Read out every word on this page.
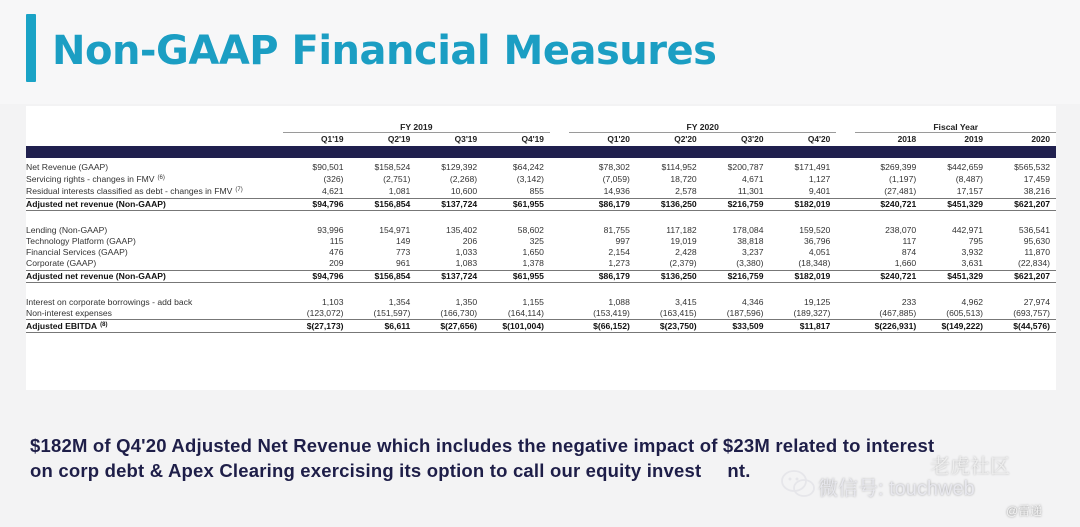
Non-GAAP Financial Measures
	FY 2019					FY 2020					Fiscal Year		
	Q1'19	Q2'19	Q3'19	Q4'19		Q1'20	Q2'20	Q3'20	Q4'20		2018	2019	2020

Net Revenue (GAAP)	$90,501	$158,524	$129,392	$64,242		$78,302	$114,952	$200,787	$171,491		$269,399	$442,659	$565,532
Servicing rights - changes in FMV $^{(6)}$	(326)	(2,751)	(2,268)	(3,142)		(7,059)	18,720	4,671	1,127		(1,197)	(8,487)	17,459
Residual interests classified as debt - changes in FMV $^{(7)}$	4,621	1,081	10,600	855		14,936	2,578	11,301	9,401		(27,481)	17,157	38,216
Adjusted net revenue (Non-GAAP)	$94,796	$156,854	$137,724	$61,955		$86,179	$136,250	$216,759	$182,019		$240,721	$451,329	$621,207

Lending (Non-GAAP)	93,996	154,971	135,402	58,602		81,755	117,182	178,084	159,520		238,070	442,971	536,541
Technology Platform (GAAP)	115	149	206	325		997	19,019	38,818	36,796		117	795	95,630
Financial Services (GAAP)	476	773	1,033	1,650		2,154	2,428	3,237	4,051		874	3,932	11,870
Corporate (GAAP)	209	961	1,083	1,378		1,273	(2,379)	(3,380)	(18,348)		1,660	3,631	(22,834)
Adjusted net revenue (Non-GAAP)	$94,796	$156,854	$137,724	$61,955		$86,179	$136,250	$216,759	$182,019		$240,721	$451,329	$621,207

Interest on corporate borrowings - add back	1,103	1,354	1,350	1,155		1,088	3,415	4,346	19,125		233	4,962	27,974
Non-interest expenses	(123,072)	(151,597)	(166,730)	(164,114)		(153,419)	(163,415)	(187,596)	(189,327)		(467,885)	(605,513)	(693,757)
Adjusted EBITDA $^{(8)}$	$(27,173)	$6,611	$(27,656)	$(101,004)		$(66,152)	$(23,750)	$33,509	$11,817		$(226,931)	$(149,222)	$(44,576)

$182M of Q4'20 Adjusted Net Revenue which includes the negative impact of $23M related to interest
on corp debt & Apex Clearing exercising its option to call our equity invest nt.

微信号: touchweb
@雷递
老虎社区
